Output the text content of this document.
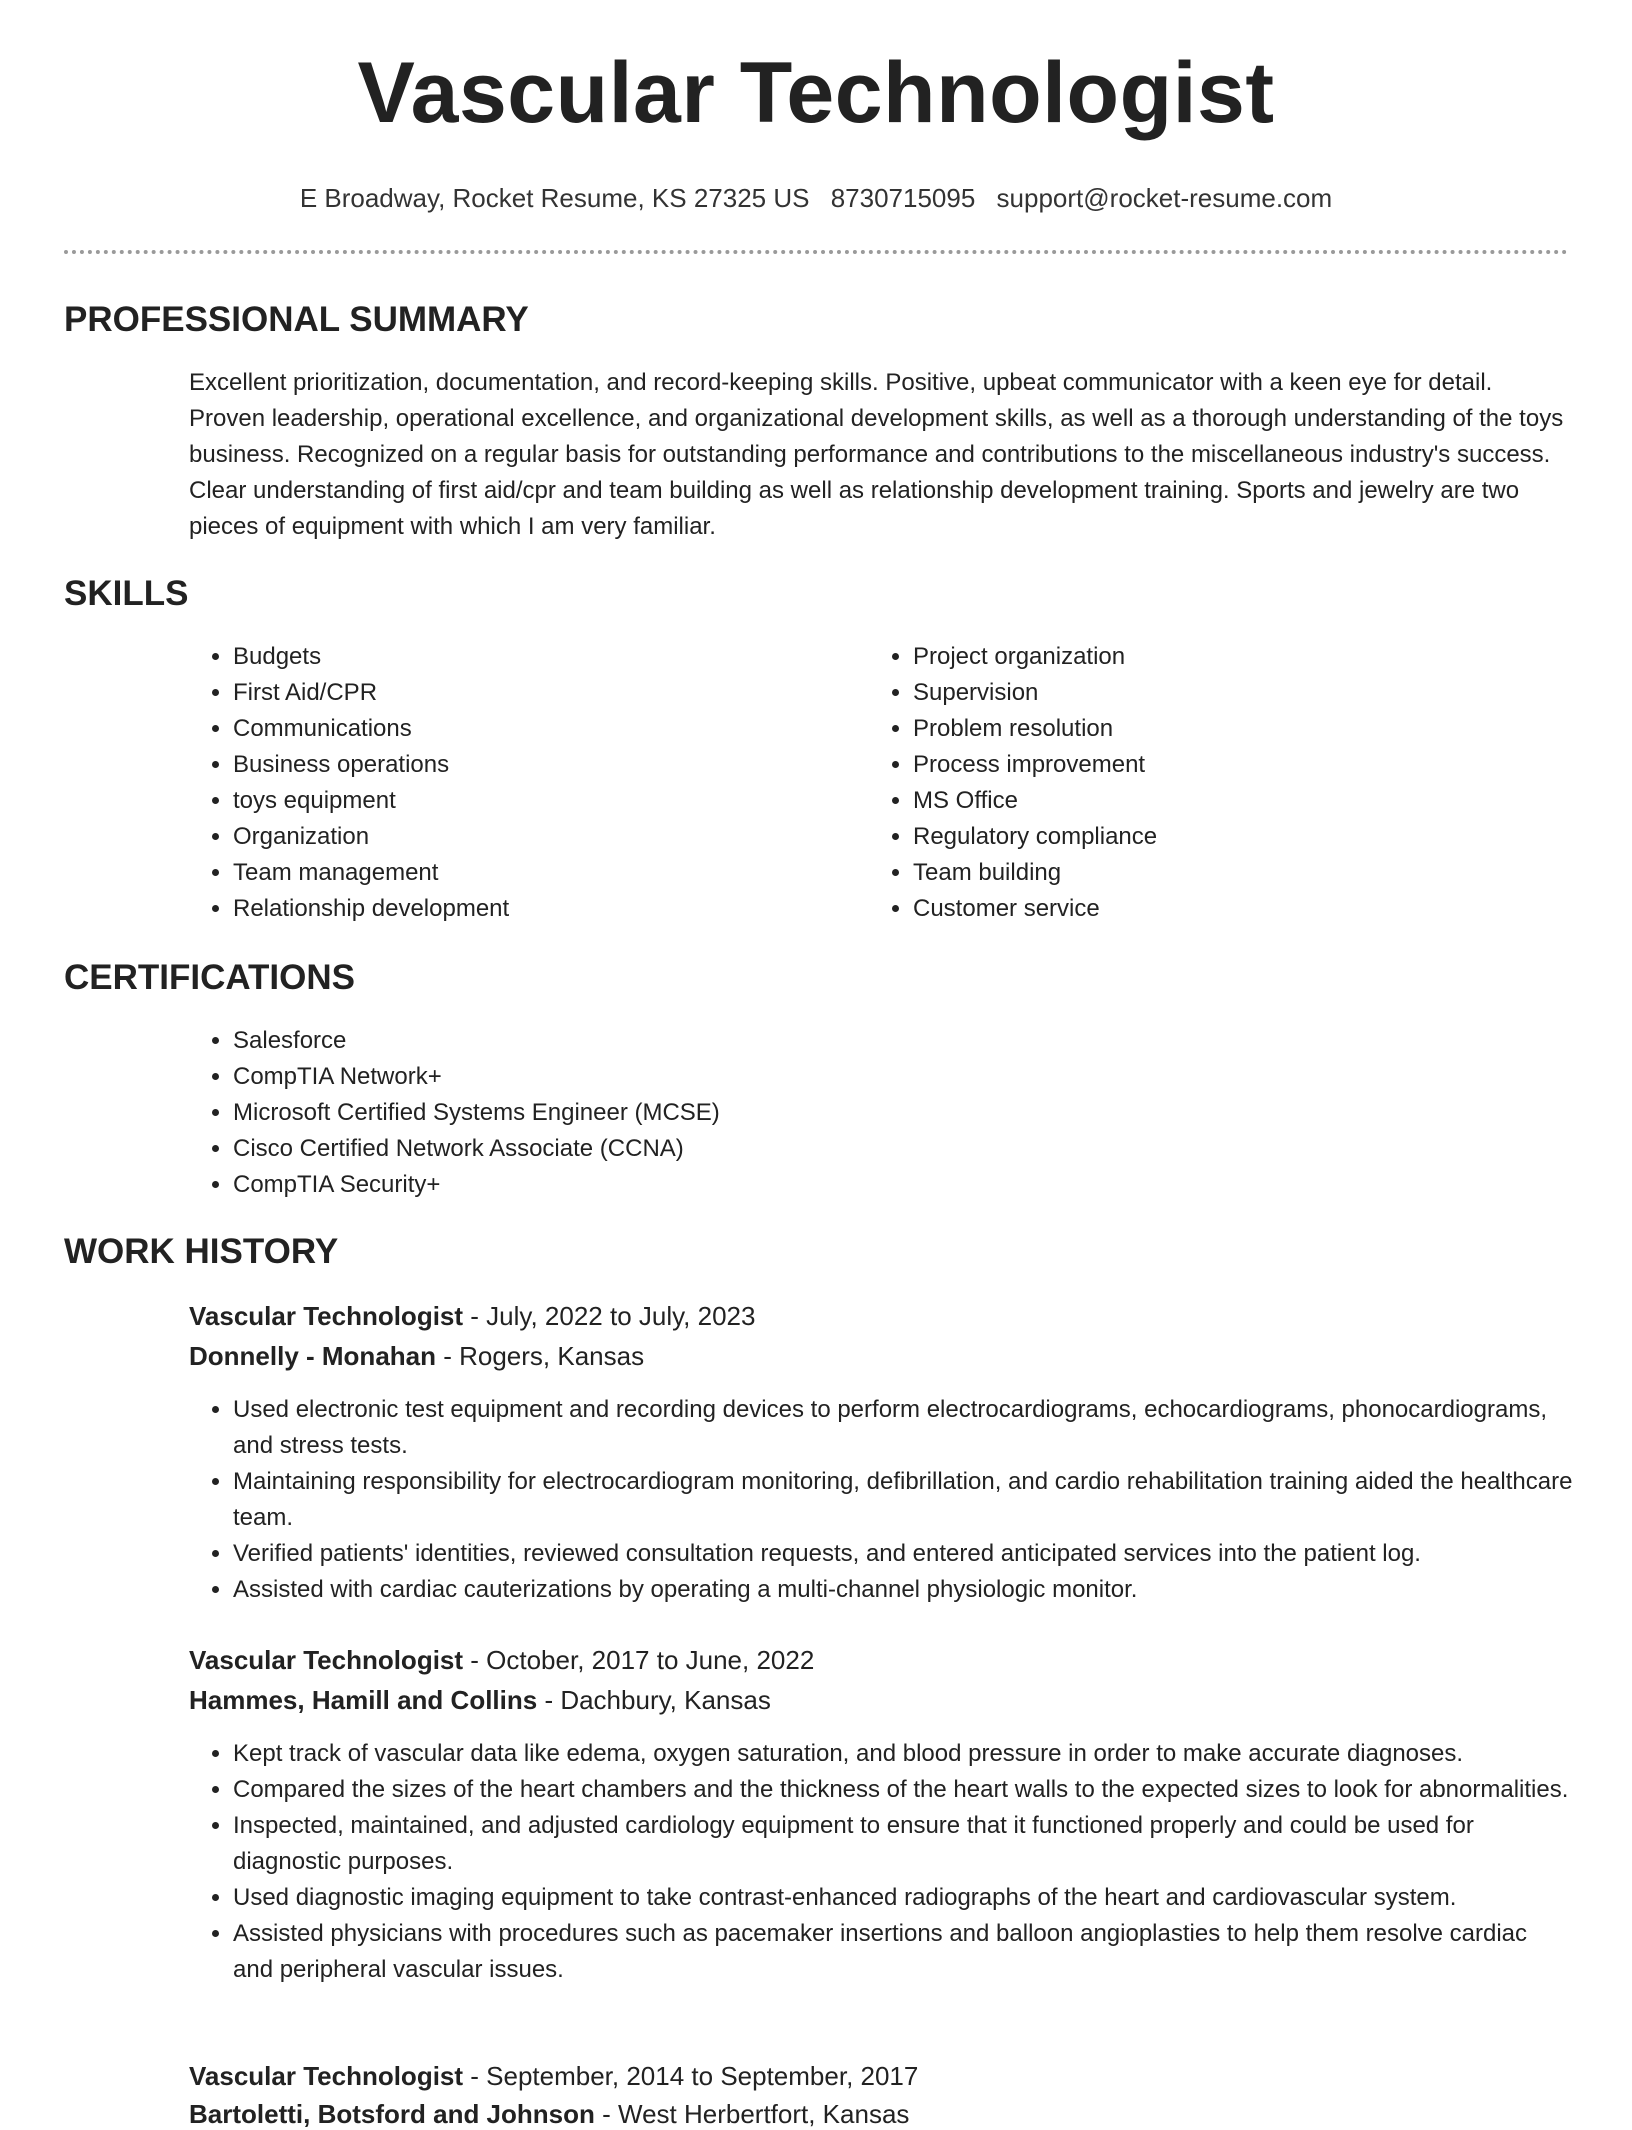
Vascular Technologist
E Broadway, Rocket Resume, KS 27325 US 8730715095 support@rocket-resume.com
PROFESSIONAL SUMMARY

Excellent prioritization, documentation, and record-keeping skills. Positive, upbeat communicator with a keen eye for detail. Proven leadership, operational excellence, and organizational development skills, as well as a thorough understanding of the toys business. Recognized on a regular basis for outstanding performance and contributions to the miscellaneous industry's success. Clear understanding of first aid/cpr and team building as well as relationship development training. Sports and jewelry are two pieces of equipment with which I am very familiar.

SKILLS
• Budgets
• First Aid/CPR
• Communications
• Business operations
• toys equipment
• Organization
• Team management
• Relationship development
• Project organization
• Supervision
• Problem resolution
• Process improvement
• MS Office
• Regulatory compliance
• Team building
• Customer service
CERTIFICATIONS
• Salesforce
• CompTIA Network+
• Microsoft Certified Systems Engineer (MCSE)
• Cisco Certified Network Associate (CCNA)
• CompTIA Security+
WORK HISTORY
Vascular Technologist - July, 2022 to July, 2023
Donnelly - Monahan - Rogers, Kansas
• Used electronic test equipment and recording devices to perform electrocardiograms, echocardiograms, phonocardiograms, and stress tests.
• Maintaining responsibility for electrocardiogram monitoring, defibrillation, and cardio rehabilitation training aided the healthcare team.
• Verified patients' identities, reviewed consultation requests, and entered anticipated services into the patient log.
• Assisted with cardiac cauterizations by operating a multi-channel physiologic monitor.
Vascular Technologist - October, 2017 to June, 2022
Hammes, Hamill and Collins - Dachbury, Kansas
• Kept track of vascular data like edema, oxygen saturation, and blood pressure in order to make accurate diagnoses.
• Compared the sizes of the heart chambers and the thickness of the heart walls to the expected sizes to look for abnormalities.
• Inspected, maintained, and adjusted cardiology equipment to ensure that it functioned properly and could be used for diagnostic purposes.
• Used diagnostic imaging equipment to take contrast-enhanced radiographs of the heart and cardiovascular system.
• Assisted physicians with procedures such as pacemaker insertions and balloon angioplasties to help them resolve cardiac and peripheral vascular issues.
Vascular Technologist - September, 2014 to September, 2017
Bartoletti, Botsford and Johnson - West Herbertfort, Kansas
